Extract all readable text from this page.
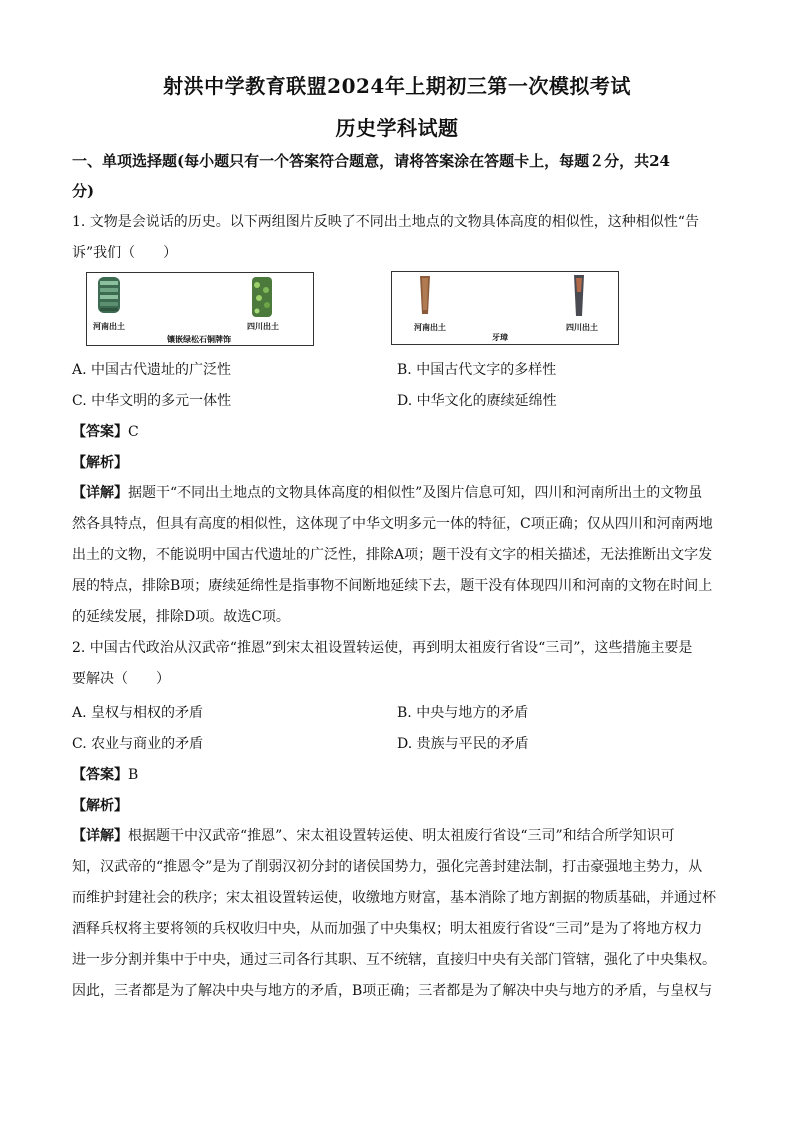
射洪中学教育联盟2024年上期初三第一次模拟考试
历史学科试题
一、单项选择题(每小题只有一个答案符合题意，请将答案涂在答题卡上，每题２分，共24
分)
1. 文物是会说话的历史。以下两组图片反映了不同出土地点的文物具体高度的相似性，这种相似性“告
诉”我们（　　）
河南出土	四川出土
镶嵌绿松石铜牌饰
河南出土	四川出土
牙璋
A. 中国古代遗址的广泛性	B. 中国古代文字的多样性
C. 中华文明的多元一体性	D. 中华文化的赓续延绵性
【答案】C
【解析】
【详解】据题干“不同出土地点的文物具体高度的相似性”及图片信息可知，四川和河南所出土的文物虽
然各具特点，但具有高度的相似性，这体现了中华文明多元一体的特征，C项正确；仅从四川和河南两地
出土的文物，不能说明中国古代遗址的广泛性，排除A项；题干没有文字的相关描述，无法推断出文字发
展的特点，排除B项；赓续延绵性是指事物不间断地延续下去，题干没有体现四川和河南的文物在时间上
的延续发展，排除D项。故选C项。
2. 中国古代政治从汉武帝“推恩”到宋太祖设置转运使，再到明太祖废行省设“三司”，这些措施主要是
要解决（　　）
A. 皇权与相权的矛盾	B. 中央与地方的矛盾
C. 农业与商业的矛盾	D. 贵族与平民的矛盾
【答案】B
【解析】
【详解】根据题干中汉武帝“推恩”、宋太祖设置转运使、明太祖废行省设“三司”和结合所学知识可
知，汉武帝的“推恩令”是为了削弱汉初分封的诸侯国势力，强化完善封建法制，打击豪强地主势力，从
而维护封建社会的秩序；宋太祖设置转运使，收缴地方财富，基本消除了地方割据的物质基础，并通过杯
酒释兵权将主要将领的兵权收归中央，从而加强了中央集权；明太祖废行省设“三司”是为了将地方权力
进一步分割并集中于中央，通过三司各行其职、互不统辖，直接归中央有关部门管辖，强化了中央集权。
因此，三者都是为了解决中央与地方的矛盾，B项正确；三者都是为了解决中央与地方的矛盾，与皇权与
